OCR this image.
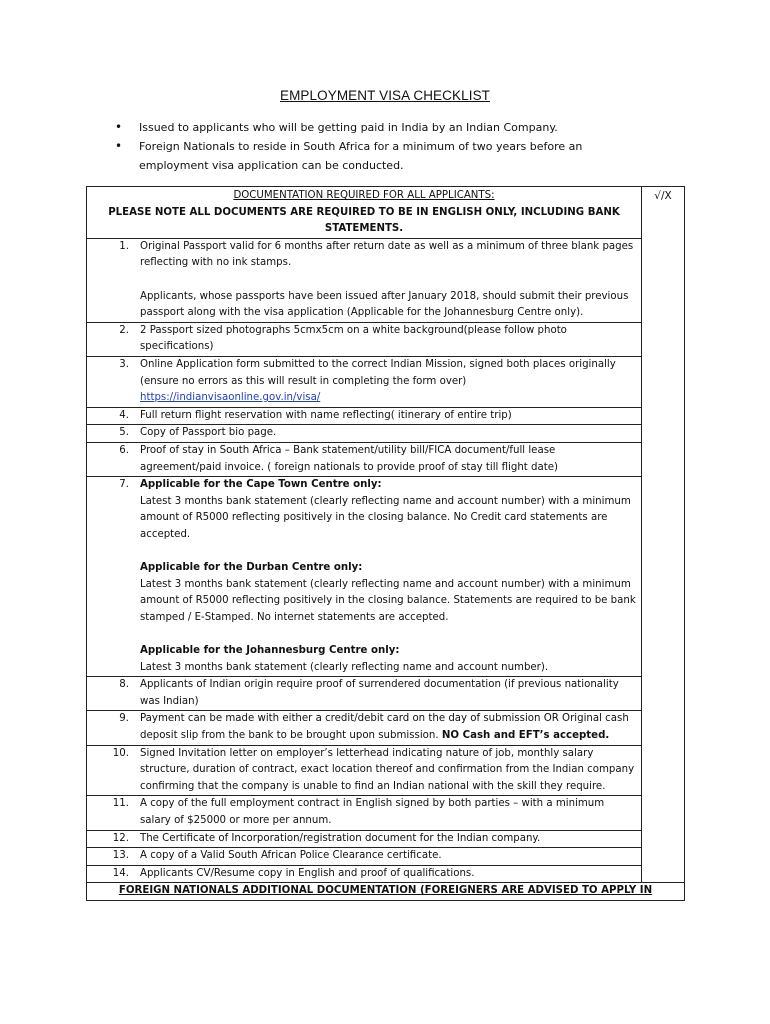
EMPLOYMENT VISA CHECKLIST
• Issued to applicants who will be getting paid in India by an Indian Company.
• Foreign Nationals to reside in South Africa for a minimum of two years before an employment visa application can be conducted.
DOCUMENTATION REQUIRED FOR ALL APPLICANTS:
PLEASE NOTE ALL DOCUMENTS ARE REQUIRED TO BE IN ENGLISH ONLY, INCLUDING BANK STATEMENTS.
	√/X

1.	Original Passport valid for 6 months after return date as well as a minimum of three blank pages reflecting with no ink stamps.
Applicants, whose passports have been issued after January 2018, should submit their previous passport along with the visa application (Applicable for the Johannesburg Centre only).

2.	2 Passport sized photographs 5cmx5cm on a white background(please follow photo specifications)

3.	Online Application form submitted to the correct Indian Mission, signed both places originally (ensure no errors as this will result in completing the form over)
https://indianvisaonline.gov.in/visa/

4.	Full return flight reservation with name reflecting( itinerary of entire trip)

5.	Copy of Passport bio page.

6.	Proof of stay in South Africa – Bank statement/utility bill/FICA document/full lease agreement/paid invoice. ( foreign nationals to provide proof of stay till flight date)

7.	Applicable for the Cape Town Centre only:
Latest 3 months bank statement (clearly reflecting name and account number) with a minimum amount of R5000 reflecting positively in the closing balance. No Credit card statements are accepted.
Applicable for the Durban Centre only:
Latest 3 months bank statement (clearly reflecting name and account number) with a minimum amount of R5000 reflecting positively in the closing balance. Statements are required to be bank stamped / E-Stamped. No internet statements are accepted.
Applicable for the Johannesburg Centre only:
Latest 3 months bank statement (clearly reflecting name and account number).

8.	Applicants of Indian origin require proof of surrendered documentation (if previous nationality was Indian)

9.	Payment can be made with either a credit/debit card on the day of submission OR Original cash deposit slip from the bank to be brought upon submission. NO Cash and EFT’s accepted.

10.	Signed Invitation letter on employer’s letterhead indicating nature of job, monthly salary structure, duration of contract, exact location thereof and confirmation from the Indian company confirming that the company is unable to find an Indian national with the skill they require.

11.	A copy of the full employment contract in English signed by both parties – with a minimum salary of $25000 or more per annum.

12.	The Certificate of Incorporation/registration document for the Indian company.

13.	A copy of a Valid South African Police Clearance certificate.

14.	Applicants CV/Resume copy in English and proof of qualifications.

FOREIGN NATIONALS ADDITIONAL DOCUMENTATION (FOREIGNERS ARE ADVISED TO APPLY IN
